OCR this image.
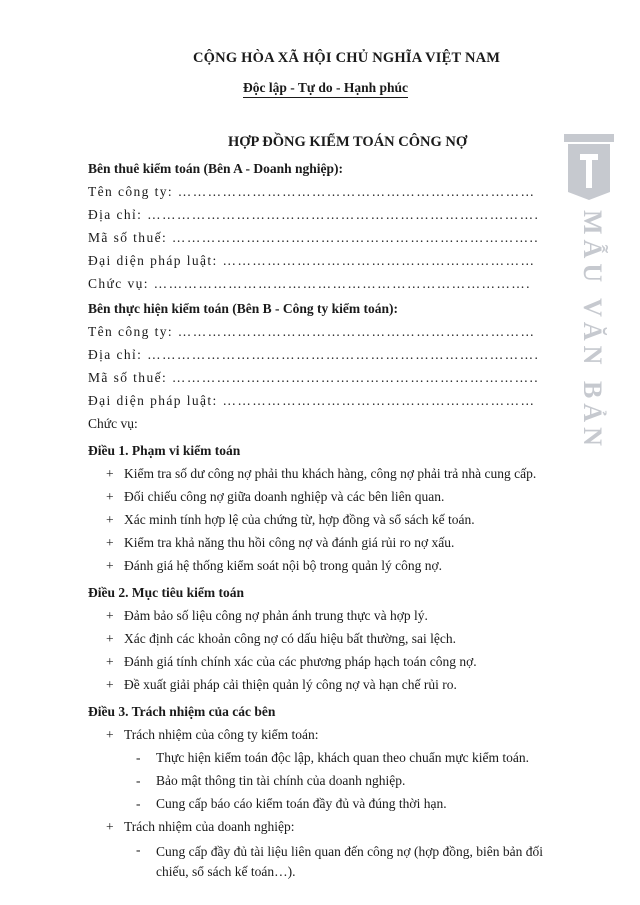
MẪU VĂN BẢN
CỘNG HÒA XÃ HỘI CHỦ NGHĨA VIỆT NAM
Độc lập - Tự do - Hạnh phúc
HỢP ĐỒNG KIỂM TOÁN CÔNG NỢ
Bên thuê kiểm toán (Bên A - Doanh nghiệp):
Tên công ty: ………………………………………………………………
Địa chỉ: …………………………………………………………………….
Mã số thuế: ………………………………………………………………..
Đại diện pháp luật: ………………………………………………………
Chức vụ: ………………………………………………………………….
Bên thực hiện kiểm toán (Bên B - Công ty kiểm toán):
Tên công ty: ………………………………………………………………
Địa chỉ: …………………………………………………………………….
Mã số thuế: ………………………………………………………………..
Đại diện pháp luật: ………………………………………………………
Chức vụ:
Điều 1. Phạm vi kiểm toán
+ Kiểm tra số dư công nợ phải thu khách hàng, công nợ phải trả nhà cung cấp.
+ Đối chiếu công nợ giữa doanh nghiệp và các bên liên quan.
+ Xác minh tính hợp lệ của chứng từ, hợp đồng và sổ sách kế toán.
+ Kiểm tra khả năng thu hồi công nợ và đánh giá rủi ro nợ xấu.
+ Đánh giá hệ thống kiểm soát nội bộ trong quản lý công nợ.
Điều 2. Mục tiêu kiểm toán
+ Đảm bảo số liệu công nợ phản ánh trung thực và hợp lý.
+ Xác định các khoản công nợ có dấu hiệu bất thường, sai lệch.
+ Đánh giá tính chính xác của các phương pháp hạch toán công nợ.
+ Đề xuất giải pháp cải thiện quản lý công nợ và hạn chế rủi ro.
Điều 3. Trách nhiệm của các bên
+ Trách nhiệm của công ty kiểm toán:
-	Thực hiện kiểm toán độc lập, khách quan theo chuẩn mực kiểm toán.
-	Bảo mật thông tin tài chính của doanh nghiệp.
-	Cung cấp báo cáo kiểm toán đầy đủ và đúng thời hạn.
+ Trách nhiệm của doanh nghiệp:
-	Cung cấp đầy đủ tài liệu liên quan đến công nợ (hợp đồng, biên bản đối chiếu, sổ sách kế toán…).
